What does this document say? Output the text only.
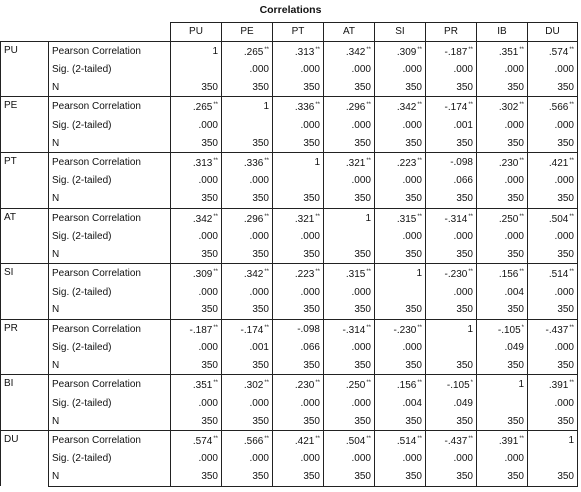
Correlations
		PU	PE	PT	AT	SI	PR	IB	DU
PU	Pearson Correlation	1	.265**	.313**	.342**	.309**	-.187**	.351**	.574**
	Sig. (2-tailed)		.000	.000	.000	.000	.000	.000	.000
	N	350	350	350	350	350	350	350	350
PE	Pearson Correlation	.265**	1	.336**	.296**	.342**	-.174**	.302**	.566**
	Sig. (2-tailed)	.000		.000	.000	.000	.001	.000	.000
	N	350	350	350	350	350	350	350	350
PT	Pearson Correlation	.313**	.336**	1	.321**	.223**	-.098	.230**	.421**
	Sig. (2-tailed)	.000	.000		.000	.000	.066	.000	.000
	N	350	350	350	350	350	350	350	350
AT	Pearson Correlation	.342**	.296**	.321**	1	.315**	-.314**	.250**	.504**
	Sig. (2-tailed)	.000	.000	.000		.000	.000	.000	.000
	N	350	350	350	350	350	350	350	350
SI	Pearson Correlation	.309**	.342**	.223**	.315**	1	-.230**	.156**	.514**
	Sig. (2-tailed)	.000	.000	.000	.000		.000	.004	.000
	N	350	350	350	350	350	350	350	350
PR	Pearson Correlation	-.187**	-.174**	-.098	-.314**	-.230**	1	-.105*	-.437**
	Sig. (2-tailed)	.000	.001	.066	.000	.000		.049	.000
	N	350	350	350	350	350	350	350	350
BI	Pearson Correlation	.351**	.302**	.230**	.250**	.156**	-.105*	1	.391**
	Sig. (2-tailed)	.000	.000	.000	.000	.004	.049		.000
	N	350	350	350	350	350	350	350	350
DU	Pearson Correlation	.574**	.566**	.421**	.504**	.514**	-.437**	.391**	1
	Sig. (2-tailed)	.000	.000	.000	.000	.000	.000	.000	
	N	350	350	350	350	350	350	350	350
